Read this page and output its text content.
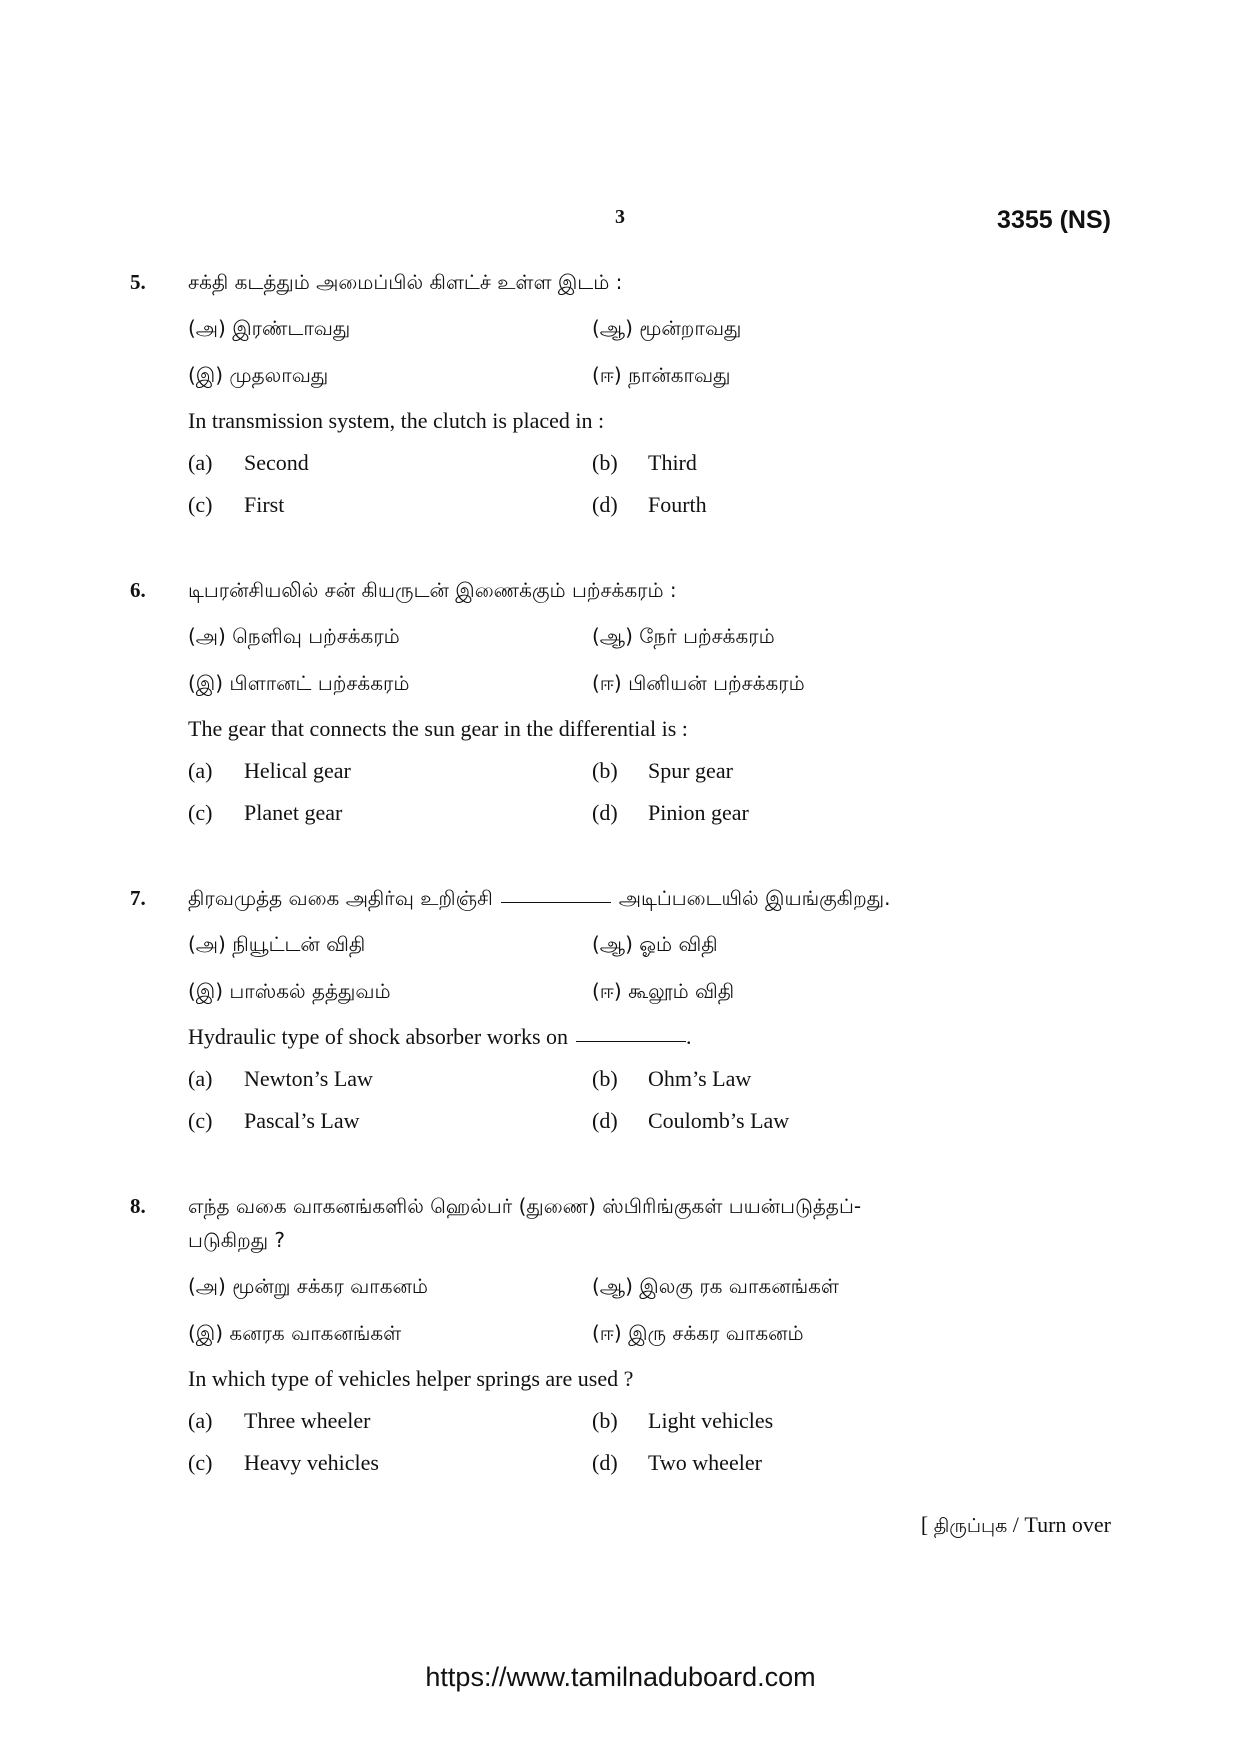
3	3355 (NS)
5. சக்தி கடத்தும் அமைப்பில் கிளட்ச் உள்ள இடம் :
(அ) இரண்டாவது	(ஆ) மூன்றாவது
(இ) முதலாவது	(ஈ) நான்காவது
In transmission system, the clutch is placed in :
(a) Second	(b) Third
(c) First	(d) Fourth
6. டிபரன்சியலில் சன் கியருடன் இணைக்கும் பற்சக்கரம் :
(அ) நெளிவு பற்சக்கரம்	(ஆ) நேர் பற்சக்கரம்
(இ) பிளானட் பற்சக்கரம்	(ஈ) பினியன் பற்சக்கரம்
The gear that connects the sun gear in the differential is :
(a) Helical gear	(b) Spur gear
(c) Planet gear	(d) Pinion gear
7. திரவமுத்த வகை அதிர்வு உறிஞ்சி	அடிப்படையில் இயங்குகிறது.
(அ) நியூட்டன் விதி	(ஆ) ஓம் விதி
(இ) பாஸ்கல் தத்துவம்	(ஈ) கூலூம் விதி
Hydraulic type of shock absorber works on	.
(a) Newton’s Law	(b) Ohm’s Law
(c) Pascal’s Law	(d) Coulomb’s Law
8. எந்த வகை வாகனங்களில் ஹெல்பர் (துணை) ஸ்பிரிங்குகள் பயன்படுத்தப்-
படுகிறது ?
(அ) மூன்று சக்கர வாகனம்	(ஆ) இலகு ரக வாகனங்கள்
(இ) கனரக வாகனங்கள்	(ஈ) இரு சக்கர வாகனம்
In which type of vehicles helper springs are used ?
(a) Three wheeler	(b) Light vehicles
(c) Heavy vehicles	(d) Two wheeler
[ திருப்புக / Turn over
https://www.tamilnaduboard.com
